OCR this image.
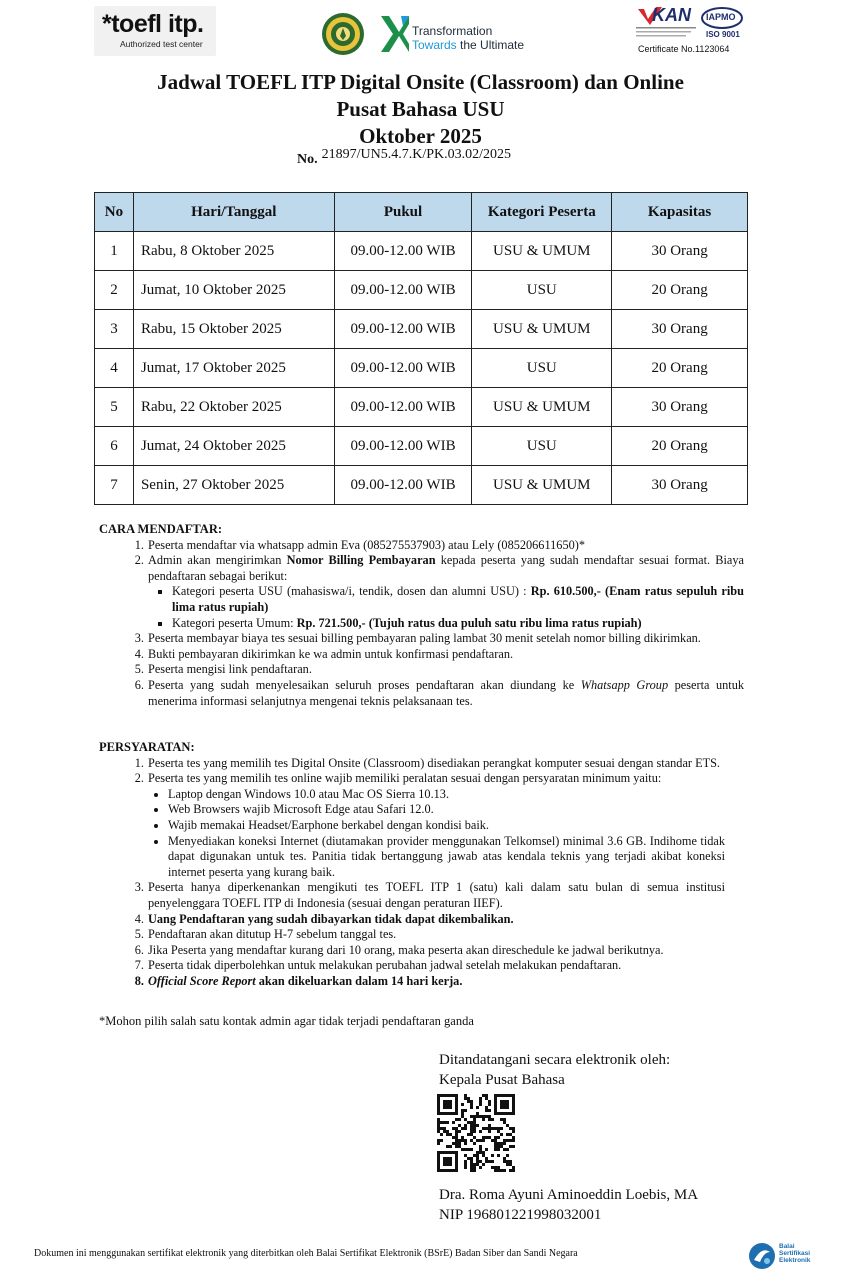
*toefl itp.
Authorized test center
Transformation
Towards the Ultimate
KAN IAPMO
ISO 9001
Certificate No.1123064
Jadwal TOEFL ITP Digital Onsite (Classroom) dan Online
Pusat Bahasa USU
Oktober 2025
No. 21897/UN5.4.7.K/PK.03.02/2025
No	Hari/Tanggal	Pukul	Kategori Peserta	Kapasitas
1	Rabu, 8 Oktober 2025	09.00-12.00 WIB	USU & UMUM	30 Orang
2	Jumat, 10 Oktober 2025	09.00-12.00 WIB	USU	20 Orang
3	Rabu, 15 Oktober 2025	09.00-12.00 WIB	USU & UMUM	30 Orang
4	Jumat, 17 Oktober 2025	09.00-12.00 WIB	USU	20 Orang
5	Rabu, 22 Oktober 2025	09.00-12.00 WIB	USU & UMUM	30 Orang
6	Jumat, 24 Oktober 2025	09.00-12.00 WIB	USU	20 Orang
7	Senin, 27 Oktober 2025	09.00-12.00 WIB	USU & UMUM	30 Orang
CARA MENDAFTAR:
1. Peserta mendaftar via whatsapp admin Eva (085275537903) atau Lely (085206611650)*
2. Admin akan mengirimkan Nomor Billing Pembayaran kepada peserta yang sudah mendaftar sesuai format. Biaya pendaftaran sebagai berikut:
▪ Kategori peserta USU (mahasiswa/i, tendik, dosen dan alumni USU) : Rp. 610.500,- (Enam ratus sepuluh ribu lima ratus rupiah)
▪ Kategori peserta Umum: Rp. 721.500,- (Tujuh ratus dua puluh satu ribu lima ratus rupiah)
3. Peserta membayar biaya tes sesuai billing pembayaran paling lambat 30 menit setelah nomor billing dikirimkan.
4. Bukti pembayaran dikirimkan ke wa admin untuk konfirmasi pendaftaran.
5. Peserta mengisi link pendaftaran.
6. Peserta yang sudah menyelesaikan seluruh proses pendaftaran akan diundang ke Whatsapp Group peserta untuk menerima informasi selanjutnya mengenai teknis pelaksanaan tes.
PERSYARATAN:
1. Peserta tes yang memilih tes Digital Onsite (Classroom) disediakan perangkat komputer sesuai dengan standar ETS.
2. Peserta tes yang memilih tes online wajib memiliki peralatan sesuai dengan persyaratan minimum yaitu:
• Laptop dengan Windows 10.0 atau Mac OS Sierra 10.13.
• Web Browsers wajib Microsoft Edge atau Safari 12.0.
• Wajib memakai Headset/Earphone berkabel dengan kondisi baik.
• Menyediakan koneksi Internet (diutamakan provider menggunakan Telkomsel) minimal 3.6 GB. Indihome tidak dapat digunakan untuk tes. Panitia tidak bertanggung jawab atas kendala teknis yang terjadi akibat koneksi internet peserta yang kurang baik.
3. Peserta hanya diperkenankan mengikuti tes TOEFL ITP 1 (satu) kali dalam satu bulan di semua institusi penyelenggara TOEFL ITP di Indonesia (sesuai dengan peraturan IIEF).
4. Uang Pendaftaran yang sudah dibayarkan tidak dapat dikembalikan.
5. Pendaftaran akan ditutup H-7 sebelum tanggal tes.
6. Jika Peserta yang mendaftar kurang dari 10 orang, maka peserta akan direschedule ke jadwal berikutnya.
7. Peserta tidak diperbolehkan untuk melakukan perubahan jadwal setelah melakukan pendaftaran.
8. Official Score Report akan dikeluarkan dalam 14 hari kerja.
*Mohon pilih salah satu kontak admin agar tidak terjadi pendaftaran ganda
Ditandatangani secara elektronik oleh:
Kepala Pusat Bahasa
Dra. Roma Ayuni Aminoeddin Loebis, MA
NIP 196801221998032001
Dokumen ini menggunakan sertifikat elektronik yang diterbitkan oleh Balai Sertifikat Elektronik (BSrE) Badan Siber dan Sandi Negara
Balai
Sertifikasi
Elektronik
